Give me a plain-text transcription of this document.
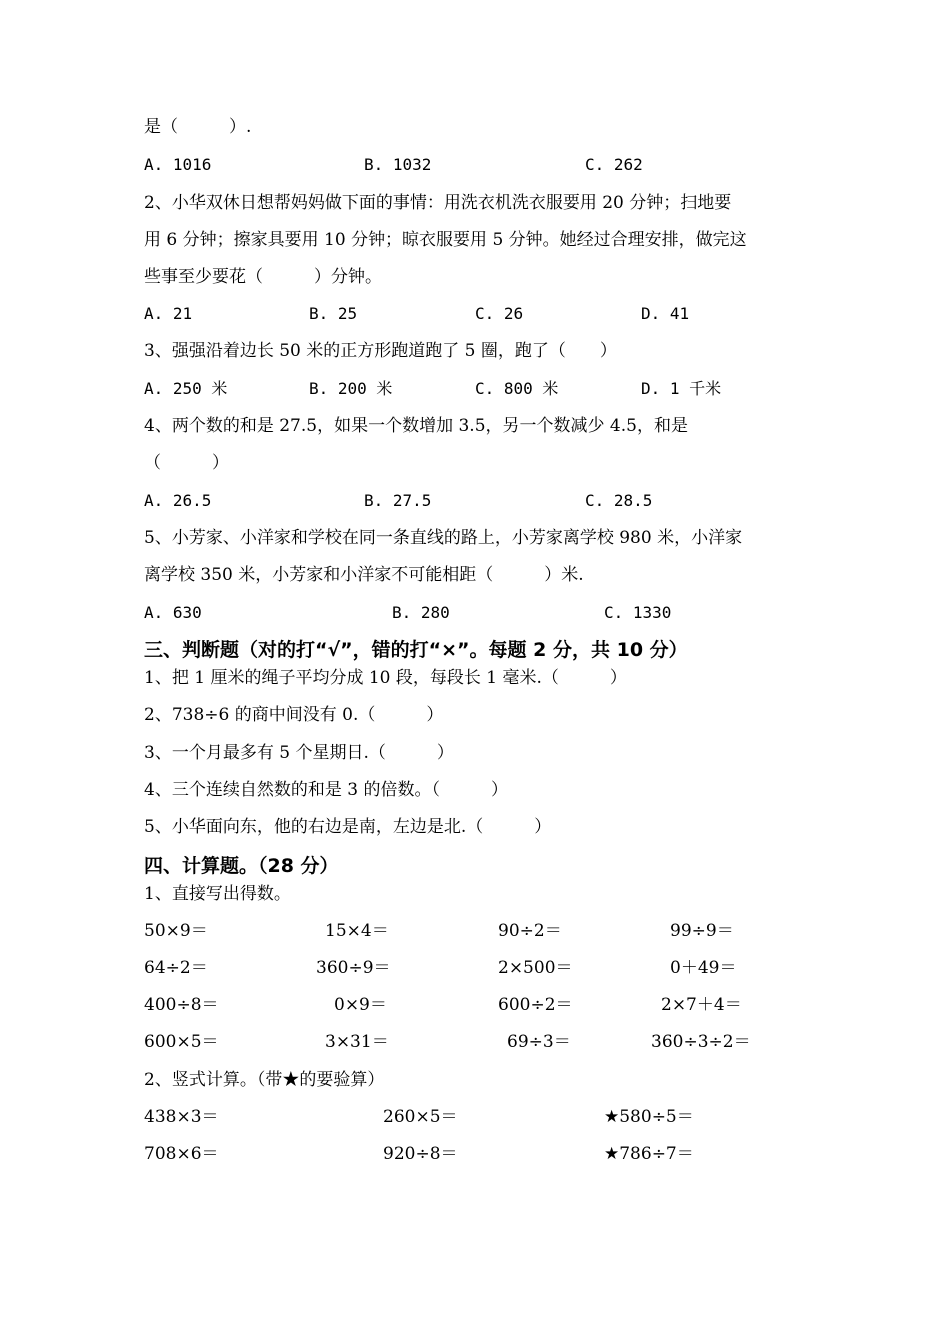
是（　　　）.
A. 1016	B. 1032	C. 262
2、小华双休日想帮妈妈做下面的事情：用洗衣机洗衣服要用 20 分钟；扫地要
用 6 分钟；擦家具要用 10 分钟；晾衣服要用 5 分钟。她经过合理安排，做完这
些事至少要花（　　　）分钟。
A. 21	B. 25	C. 26	D. 41
3、强强沿着边长 50 米的正方形跑道跑了 5 圈，跑了（　　）
A. 250 米	B. 200 米	C. 800 米	D. 1 千米
4、两个数的和是 27.5，如果一个数增加 3.5，另一个数减少 4.5，和是
（　　　）
A. 26.5	B. 27.5	C. 28.5
5、小芳家、小洋家和学校在同一条直线的路上，小芳家离学校 980 米，小洋家
离学校 350 米，小芳家和小洋家不可能相距（　　　）米.
A. 630	B. 280	C. 1330
三、判断题（对的打“√”，错的打“×”。每题 2 分，共 10 分）
1、把 1 厘米的绳子平均分成 10 段，每段长 1 毫米.（　　　）
2、738÷6 的商中间没有 0.（　　　）
3、一个月最多有 5 个星期日.（　　　）
4、三个连续自然数的和是 3 的倍数。（　　　）
5、小华面向东，他的右边是南，左边是北.（　　　）
四、计算题。（28 分）
1、直接写出得数。
50×9＝	15×4＝	90÷2＝	99÷9＝
64÷2＝	360÷9＝	2×500＝	0＋49＝
400÷8＝	0×9＝	600÷2＝	2×7＋4＝
600×5＝	3×31＝	69÷3＝	360÷3÷2＝
2、竖式计算。（带★的要验算）
438×3＝	260×5＝	★580÷5＝
708×6＝	920÷8＝	★786÷7＝
